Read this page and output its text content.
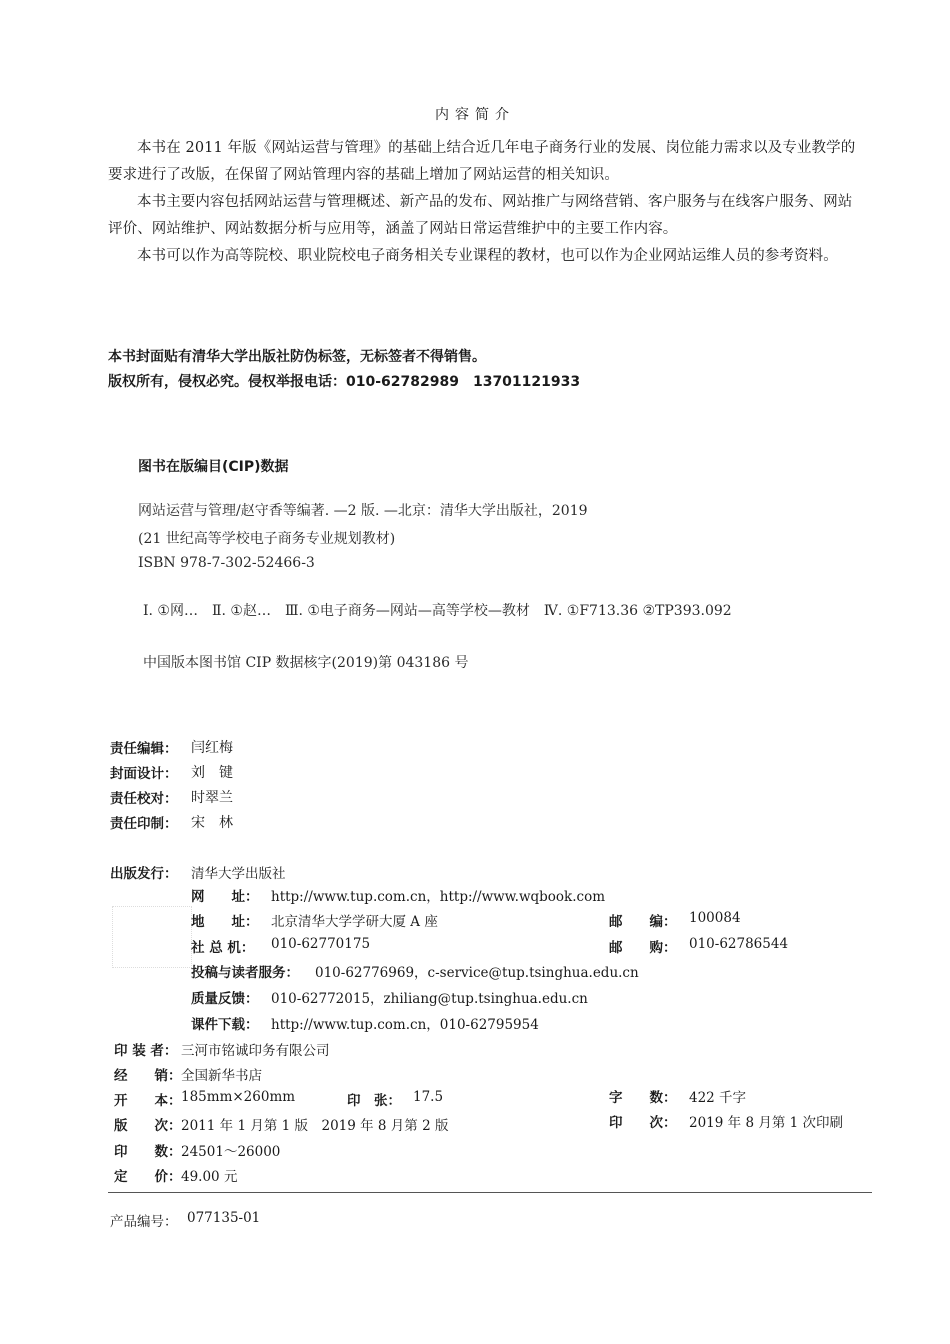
内容简介
本书在 2011 年版《网站运营与管理》的基础上结合近几年电子商务行业的发展、岗位能力需求以及专业教学的要求进行了改版，在保留了网站管理内容的基础上增加了网站运营的相关知识。
本书主要内容包括网站运营与管理概述、新产品的发布、网站推广与网络营销、客户服务与在线客户服务、网站评价、网站维护、网站数据分析与应用等，涵盖了网站日常运营维护中的主要工作内容。
本书可以作为高等院校、职业院校电子商务相关专业课程的教材，也可以作为企业网站运维人员的参考资料。
本书封面贴有清华大学出版社防伪标签，无标签者不得销售。
版权所有，侵权必究。侵权举报电话：010-62782989　13701121933
图书在版编目(CIP)数据
网站运营与管理/赵守香等编著. —2 版. —北京：清华大学出版社，2019
(21 世纪高等学校电子商务专业规划教材)
ISBN 978-7-302-52466-3
Ⅰ. ①网…　Ⅱ. ①赵…　Ⅲ. ①电子商务—网站—高等学校—教材　Ⅳ. ①F713.36 ②TP393.092
中国版本图书馆 CIP 数据核字(2019)第 043186 号
责任编辑： 闫红梅
封面设计： 刘　键
责任校对： 时翠兰
责任印制： 宋　林
出版发行： 清华大学出版社
网　　址： http://www.tup.com.cn，http://www.wqbook.com
地　　址： 北京清华大学学研大厦 A 座	邮　　编： 100084
社 总 机： 010-62770175	邮　　购： 010-62786544
投稿与读者服务： 010-62776969，c-service@tup.tsinghua.edu.cn
质量反馈： 010-62772015，zhiliang@tup.tsinghua.edu.cn
课件下载： http://www.tup.com.cn，010-62795954
印 装 者： 三河市铭诚印务有限公司
经　　销： 全国新华书店
开　　本： 185mm×260mm	印　张： 17.5	字　　数： 422 千字
版　　次： 2011 年 1 月第 1 版　2019 年 8 月第 2 版	印　　次： 2019 年 8 月第 1 次印刷
印　　数： 24501～26000
定　　价： 49.00 元
产品编号： 077135-01
